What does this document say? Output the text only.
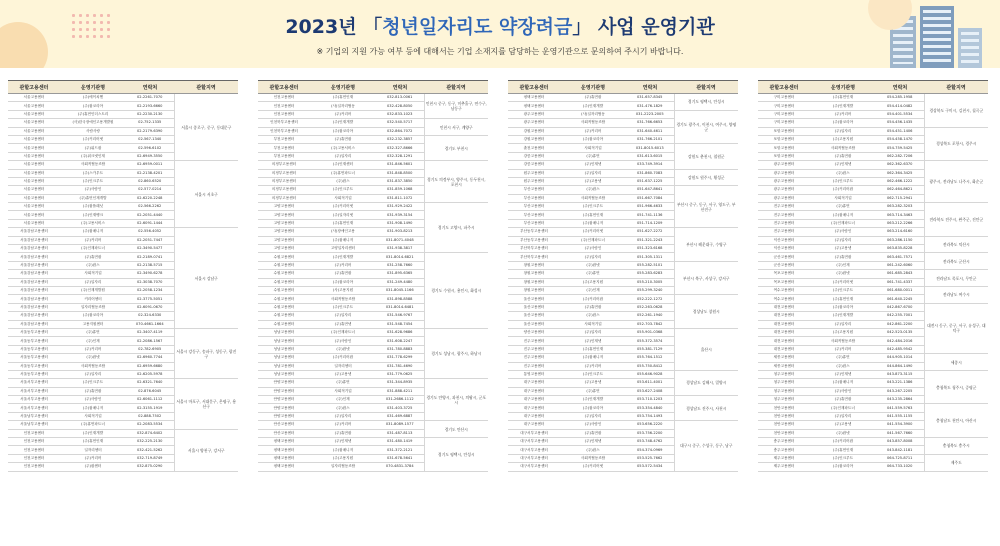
2023년 「청년일자리도 약장려금」 사업 운영기관
※ 기업의 지원 가능 여부 등에 대해서는 기업 소재지를 담당하는 운영기관으로 문의하여 주시기 바랍니다.
관할고용센터	운영기관명	연락처	관할지역
서울고용센터	(주)에이치엔	02-2261-7070	서울시 종로구, 중구, 동대문구
서울고용센터	(주)잡코리아	02-2193-6660	
서울고용센터	(주)휴먼인더스트리	02-2230-2130	
서울고용센터	(사)한국장애인고용개발원	02-752-1335	
서울고용센터	사람사랑	02-2179-6390	
서울고용센터	(주)커리어넷	02-567-1340	
서울고용센터	(주)위드잡	02-596-6102	
서울고용센터	(주)워크넷인재	02-6949-3550	
서울고용센터	사회적협동조합	02-6959-0011	서울시 서초구
서울고용센터	(주)스카우트	02-2138-4201	
서울고용센터	(주)인크루트	02-860-6520	
서울고용센터	(주)사람인	02-577-0214	
서울고용센터	(주)휴먼인재개발	02-6220-2248	
서울고용센터	(주)잡플래닛	02-566-2262	
서울고용센터	(주)인재뱅크	02-2051-4440	
서울고용센터	(주)고용서비스	02-6091-1444	
서울강남고용센터	(주)잡매니저	02-556-4052	서울시 강남구
서울강남고용센터	(주)커리어	02-2051-7447	
서울강남고용센터	(주)인재파트너	02-3490-5477	
서울강남고용센터	(주)휴먼잡	02-2189-0741	
서울강남고용센터	(주)잡스	02-2138-5715	
서울강남고용센터	사회적기업	02-3490-6278	
서울강남고용센터	(주)일자리	02-3038-7070	
서울강남고용센터	(주)인재개발원	02-2058-1234	
서울강남고용센터	커리어센터	02-3775-5051	
서울강남고용센터	일자리협동조합	02-6091-0670	
서울강남고용센터	(주)잡코리아	02-324-6330	
서울강남고용센터	고용지원센터	070-4661-1664	
서울동부고용센터	(주)휴먼	02-3407-4119	서울시 강동구, 송파구, 성동구, 광진구
서울동부고용센터	(주)인재	02-2086-1567	
서울동부고용센터	(주)커리어	02-782-6905	
서울동부고용센터	(주)잡넷	02-6960-7744	
서울동부고용센터	사회적협동조합	02-6959-6680	
서울동부고용센터	(주)일자리	02-6205-5978	
서울서부고용센터	(주)인크루트	02-6321-7640	서울시 마포구, 서대문구, 은평구, 용산구
서울서부고용센터	(주)휴먼잡	02-876-6045	
서울서부고용센터	(주)사람인	02-6061-1112	
서울서부고용센터	(주)잡매니저	02-3155-1919	
서울남부고용센터	사회적기업	02-888-7502	
서울남부고용센터	(주)휴먼파트너	02-2083-5534	
인천고용센터	(주)인재개발	032-874-6402	서울시 양천구, 강서구
인천고용센터	(주)휴먼인재	032-225-2130	
인천고용센터	일자리센터	032-421-5262	
인천고용센터	(주)커리어	032-719-8749	
인천고용센터	(주)잡센터	032-875-0290	
관할고용센터	운영기관명	연락처	관할지역
인천고용센터	(주)휴먼인재	032-813-0061	인천시 중구, 동구, 미추홀구, 연수구, 남동구
인천고용센터	(사)일자리협동	032-428-8050	
인천고용센터	(주)커리어	032-833-1023	
인천북부고용센터	(주)인재개발	032-540-5717	인천시 서구, 계양구
인천북부고용센터	(주)잡코리아	032-864-7072	
부천고용센터	(주)휴먼잡	032-232-3857	경기도 부천시
부천고용센터	(주)고용서비스	032-327-8666	
부천고용센터	(주)일자리	032-328-1291	
의정부고용센터	(주)인재센터	031-846-5601	경기도 의정부시, 양주시, 동두천시, 포천시
의정부고용센터	(주)휴먼파트너	031-848-8500	
의정부고용센터	(주)잡스	031-837-3850	
의정부고용센터	(주)인크루트	031-859-1068	
의정부고용센터	사회적기업	031-811-1072	
고양고용센터	(주)커리어넷	031-929-2422	경기도 고양시, 파주시
고양고용센터	(주)일자리넷	031-939-3154	
고양고용센터	(주)휴먼인재	031-908-1490	
고양고용센터	(사)장애인고용	031-903-8213	
고양고용센터	(주)잡매니저	031-8071-4048	
고양고용센터	고양일자리센터	031-938-3817	
수원고용센터	(주)인재개발	031-8014-6821	경기도 수원시, 용인시, 화성시
수원고용센터	(주)커리어	031-258-7660	
수원고용센터	(주)휴먼잡	031-895-6365	
수원고용센터	(주)잡코리아	031-249-4480	
수원고용센터	(사)고용지원	031-8045-1166	
수원고용센터	사회적협동조합	031-898-8588	
수원고용센터	(주)인크루트	031-8014-6481	
수원고용센터	(주)일자리	031-546-9767	
수원고용센터	(주)휴먼넷	031-548-7454	
성남고용센터	(주)인재파트너	031-628-9686	경기도 성남시, 광주시, 하남시
성남고용센터	(주)사람인	031-608-2247	
성남고용센터	(주)잡넷	031-780-8883	
성남고용센터	(주)커리어잡	031-778-6299	
성남고용센터	일자리센터	031-781-4690	
성남고용센터	(주)고용넷	031-779-0625	
안양고용센터	(주)휴먼	031-344-8935	경기도 안양시, 과천시, 의왕시, 군포시
안양고용센터	사회적기업	031-888-4211	
안양고용센터	(주)인재	031-2686-1112	
안양고용센터	(주)잡스	031-403-3725	
안양고용센터	(주)일자리	031-469-6887	
안산고용센터	(주)커리어	031-8089-1577	경기도 안산시
안산고용센터	(주)휴먼잡	031-487-8113	
평택고용센터	(주)인재넷	031-480-1419	경기도 평택시, 안성시
평택고용센터	(주)잡매니저	031-372-2121	
평택고용센터	(주)고용지원	031-678-5641	
평택고용센터	일자리협동조합	070-4831-3784	
관할고용센터	운영기관명	연락처	관할지역
평택고용센터	(주)휴먼잡	031-657-8345	경기도 평택시, 안성시
평택고용센터	(주)인재개발	031-476-1829	
광주고용센터	(사)일자리협동	031-2223-2005	경기도 광주시, 이천시, 여주시, 양평군
광주고용센터	사회적협동조합	031-766-6653	
강원고용센터	(주)커리어	031-640-4611	
강원고용센터	(주)잡코리아	031-766-2101	
춘천고용센터	사회적기업	031-8015-6013	강원도 춘천시, 철원군
강릉고용센터	(주)휴먼	031-613-6015	
강릉고용센터	(주)인재넷	033-749-3914	
원주고용센터	(주)일자리	031-860-7083	강원도 원주시, 횡성군
원주고용센터	(주)고용넷	051-637-1225	
부산고용센터	(주)잡스	051-647-8641	부산시 중구, 동구, 서구, 영도구, 부산진구
부산고용센터	사회적협동조합	051-667-7084	
부산고용센터	(주)인크루트	051-966-4633	
부산고용센터	(주)휴먼인재	051-741-1136	
부산고용센터	(주)잡매니저	051-714-1209	
부산동부고용센터	(주)커리어넷	051-627-2272	부산시 해운대구, 수영구
부산동부고용센터	(주)인재파트너	051-321-2243	
부산북부고용센터	(주)사람인	051-323-6168	
부산북부고용센터	(주)일자리	051-305-1311	
창원고용센터	(주)잡넷	055-282-5101	부산시 북구, 사상구, 강서구
창원고용센터	(주)휴먼	055-283-6283	
창원고용센터	(주)고용지원	055-210-3005	
창원고용센터	(주)인재	055-299-3240	
울산고용센터	(주)커리어잡	052-222-1272	경상남도 창원시
울산고용센터	(주)휴먼잡	052-263-0628	
울산고용센터	(주)잡스	052-261-1940	
울산고용센터	사회적기업	052-703-7842	
양산고용센터	(주)일자리	055-901-0368	울산시
진주고용센터	(주)인재넷	055-372-3574	
진주고용센터	(주)휴먼인재	055-381-7129	
진주고용센터	(주)잡매니저	055-764-1512	
진주고용센터	(주)커리어	055-750-8412	
통영고용센터	(주)인크루트	055-646-9028	경상남도 김해시, 밀양시
대구고용센터	(주)고용넷	053-611-4001	
대구고용센터	(주)휴먼	053-627-2408	
대구고용센터	(주)인재개발	053-710-1203	경상남도 진주시, 사천시
대구고용센터	(주)잡코리아	053-354-4840	
대구고용센터	(주)일자리	053-754-1493	
대구고용센터	(주)사람인	053-656-2220	대구시 중구, 수성구, 동구, 남구
대구서부고용센터	(주)휴먼잡	053-756-2200	
대구서부고용센터	(주)인재넷	053-748-4762	
대구서부고용센터	(주)잡스	054-374-0969	
대구서부고용센터	사회적협동조합	053-525-7662	
대구서부고용센터	(주)커리어넷	053-572-5434	
관할고용센터	운영기관명	연락처	관할지역
구미고용센터	(주)휴먼인재	054-285-1958	경상북도 구미시, 김천시, 칠곡군
구미고용센터	(주)인재개발	054-414-0482	
구미고용센터	(주)커리어	054-401-5534	
구미고용센터	(주)잡코리아	054-456-1435	
포항고용센터	(주)일자리	054-451-1406	경상북도 포항시, 경주시
포항고용센터	(주)고용지원	054-458-1470	
포항고용센터	사회적협동조합	054-759-5425	
포항고용센터	(주)휴먼잡	062-282-7206	
광주고용센터	(주)인재넷	062-362-6370	광주시, 전라남도 나주시, 화순군
광주고용센터	(주)잡스	062-364-3425	
광주고용센터	(주)인크루트	062-466-1222	
광주고용센터	(주)커리어잡	062-464-8621	
광주고용센터	사회적기업	062-715-2941	
전주고용센터	(주)휴먼	063-282-3203	전라북도 전주시, 완주군, 진안군
전주고용센터	(주)잡매니저	063-714-3463	
전주고용센터	(주)인재파트너	063-212-2266	
전주고용센터	(주)사람인	063-214-6160	
익산고용센터	(주)일자리	063-286-1150	전라북도 익산시
익산고용센터	(주)고용넷	063-835-8228	
군산고용센터	(주)휴먼잡	063-461-7571	전라북도 군산시
군산고용센터	(주)인재	061-242-6060	
목포고용센터	(주)잡넷	061-685-2843	전라남도 목포시, 무안군
목포고용센터	(주)커리어넷	061-741-4337	
여수고용센터	(주)인크루트	061-680-0011	전라남도 여수시
여수고용센터	(주)휴먼인재	061-640-2245	
대전고용센터	(주)잡코리아	042-867-6700	대전시 동구, 중구, 서구, 유성구, 대덕구
대전고용센터	(주)인재개발	042-255-7001	
대전고용센터	(주)일자리	042-861-2200	
대전고용센터	(주)고용지원	042-523-0135	
대전고용센터	사회적협동조합	042-484-2016	
대전고용센터	(주)커리어	042-485-9542	
세종고용센터	(주)휴먼	044-905-1014	세종시
세종고용센터	(주)잡스	044-864-1490	
청주고용센터	(주)인재넷	043-873-3115	충청북도 청주시, 증평군
청주고용센터	(주)잡매니저	043-221-1386	
청주고용센터	(주)사람인	043-267-2205	
청주고용센터	(주)휴먼잡	043-235-2864	
천안고용센터	(주)인재파트너	041-559-5763	충청남도 천안시, 아산시
천안고용센터	(주)일자리	041-555-1155	
천안고용센터	(주)고용넷	041-554-3900	
천안고용센터	(주)잡넷	041-567-7660	
충주고용센터	(주)커리어잡	043-857-8008	충청북도 충주시
충주고용센터	(주)휴먼인재	043-842-1181	
제주고용센터	(주)인크루트	064-725-8711	제주도
제주고용센터	(주)잡코리아	064-733-1020	
